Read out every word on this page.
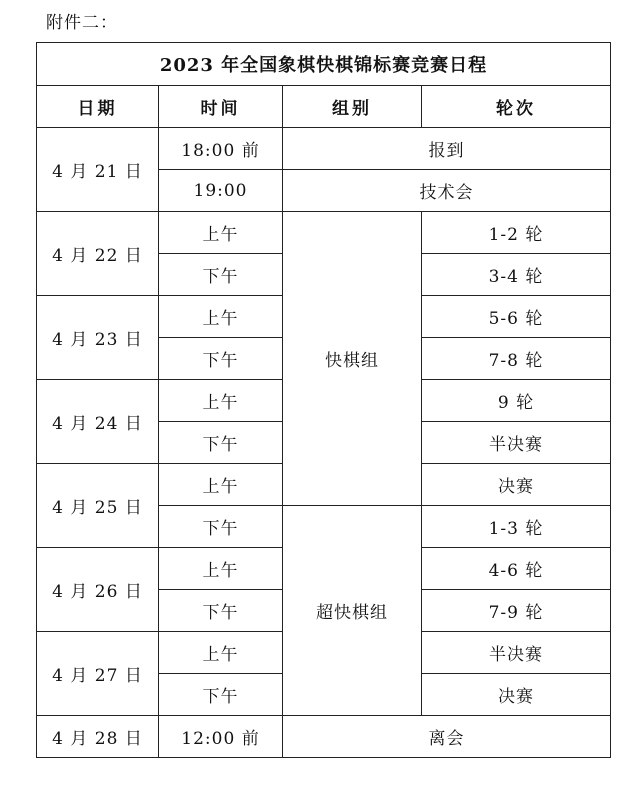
附件二：
2023 年全国象棋快棋锦标赛竞赛日程			
日期	时间	组别	轮次
4 月 21 日	18:00 前	报到	
	19:00	技术会	
4 月 22 日	上午	快棋组	1-2 轮
	下午		3-4 轮
4 月 23 日	上午		5-6 轮
	下午		7-8 轮
4 月 24 日	上午		9 轮
	下午		半决赛
4 月 25 日	上午		决赛
	下午	超快棋组	1-3 轮
4 月 26 日	上午		4-6 轮
	下午		7-9 轮
4 月 27 日	上午		半决赛
	下午		决赛
4 月 28 日	12:00 前	离会	
